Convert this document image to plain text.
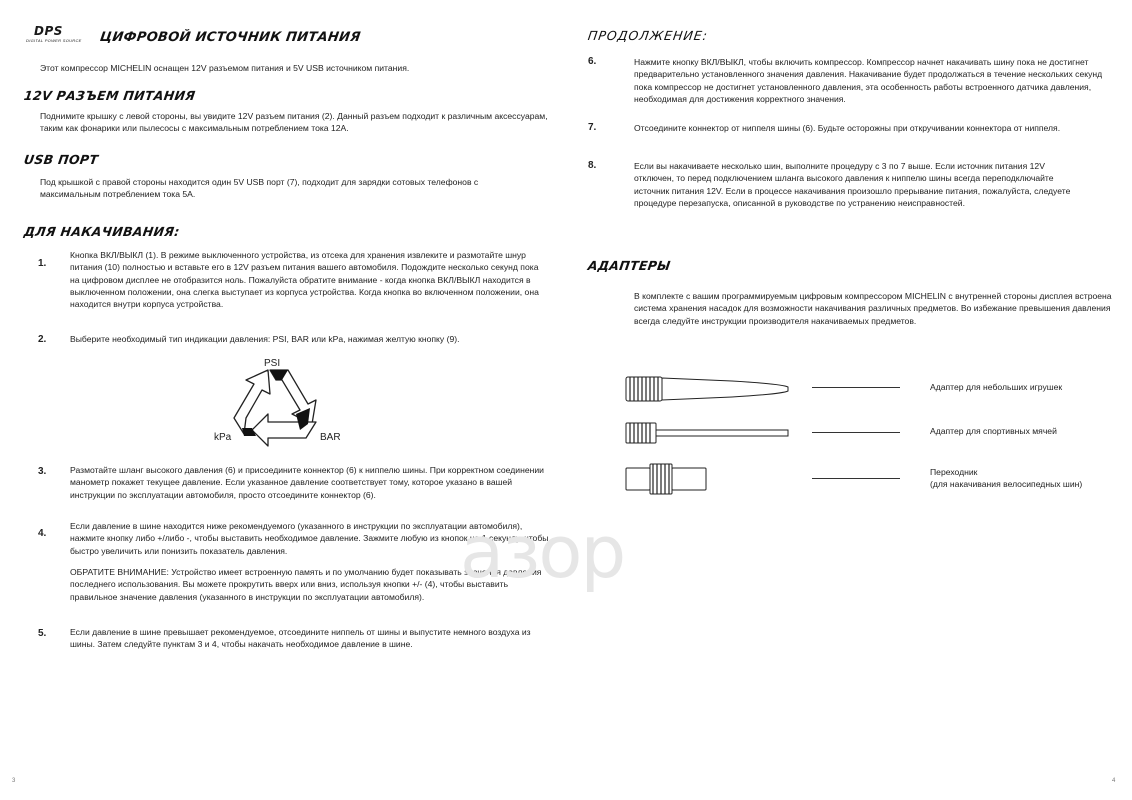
DPS
DIGITAL POWER SOURCE	ЦИФРОВОЙ ИСТОЧНИК ПИТАНИЯ

Этот компрессор MICHELIN оснащен 12V разъемом питания и 5V USB источником питания.

12V РАЗЪЕМ ПИТАНИЯ

Поднимите крышку с левой стороны, вы увидите 12V разъем питания (2). Данный разъем подходит к различным аксессуарам, таким как фонарики или пылесосы с максимальным потреблением тока 12А.

USB ПОРТ

Под крышкой с правой стороны находится один 5V USB порт (7), подходит для зарядки сотовых телефонов с максимальным потреблением тока 5А.

ДЛЯ НАКАЧИВАНИЯ:
1.

Кнопка ВКЛ/ВЫКЛ (1). В режиме выключенного устройства, из отсека для хранения извлеките и размотайте шнур питания (10) полностью и вставьте его в 12V разъем питания вашего автомобиля. Подождите несколько секунд пока на цифровом дисплее не отобразится ноль. Пожалуйста обратите внимание - когда кнопка ВКЛ/ВЫКЛ находится в выключенном положении, она слегка выступает из корпуса устройства. Когда кнопка во включенном положении, она находится внутри корпуса устройства.

2.	Выберите необходимый тип индикации давления: PSI, BAR или kPa, нажимая желтую кнопку (9).

PSI
kPa	BAR
3.	Размотайте шланг высокого давления (6) и присоедините коннектор (6) к ниппелю шины. При корректном соединении манометр покажет текущее давление. Если указанное давление соответствует тому, которое указано в вашей инструкции по эксплуатации автомобиля, просто отсоедините коннектор (6).

4.

Если давление в шине находится ниже рекомендуемого (указанного в инструкции по эксплуатации автомобиля), нажмите кнопку либо +/либо -, чтобы выставить необходимое давление. Зажмите любую из кнопок на 1 секунду, чтобы быстро увеличить или понизить показатель давления.

ОБРАТИТЕ ВНИМАНИЕ: Устройство имеет встроенную память и по умолчанию будет показывать значения давления последнего использования. Вы можете прокрутить вверх или вниз, используя кнопки +/- (4), чтобы выставить правильное значение давления (указанного в инструкции по эксплуатации автомобиля).

5.	Если давление в шине превышает рекомендуемое, отсоедините ниппель от шины и выпустите немного воздуха из шины. Затем следуйте пунктам 3 и 4, чтобы накачать необходимое давление в шине.

3
азор
ПРОДОЛЖЕНИЕ:
6.	Нажмите кнопку ВКЛ/ВЫКЛ, чтобы включить компрессор. Компрессор начнет накачивать шину пока не достигнет предварительно установленного значения давления. Накачивание будет продолжаться в течение нескольких секунд пока компрессор не достигнет установленного давления, эта особенность работы встроенного датчика давления, необходимая для достижения корректного значения.

7.	Отсоедините коннектор от ниппеля шины (6). Будьте осторожны при откручивании коннектора от ниппеля.

8.	Если вы накачиваете несколько шин, выполните процедуру с 3 по 7 выше. Если источник питания 12V отключен, то перед подключением шланга высокого давления к ниппелю шины всегда переподключайте источник питания 12V. Если в процессе накачивания произошло прерывание питания, пожалуйста, следуете процедуре перезапуска, описанной в руководстве по устранению неисправностей.

АДАПТЕРЫ

В комплекте с вашим программируемым цифровым компрессором MICHELIN с внутренней стороны дисплея встроена система хранения насадок для возможности накачивания различных предметов. Во избежание превышения давления всегда следуйте инструкции производителя накачиваемых предметов.

Адаптер для небольших игрушек
Адаптер для спортивных мячей
Переходник
(для накачивания велосипедных шин)
4
